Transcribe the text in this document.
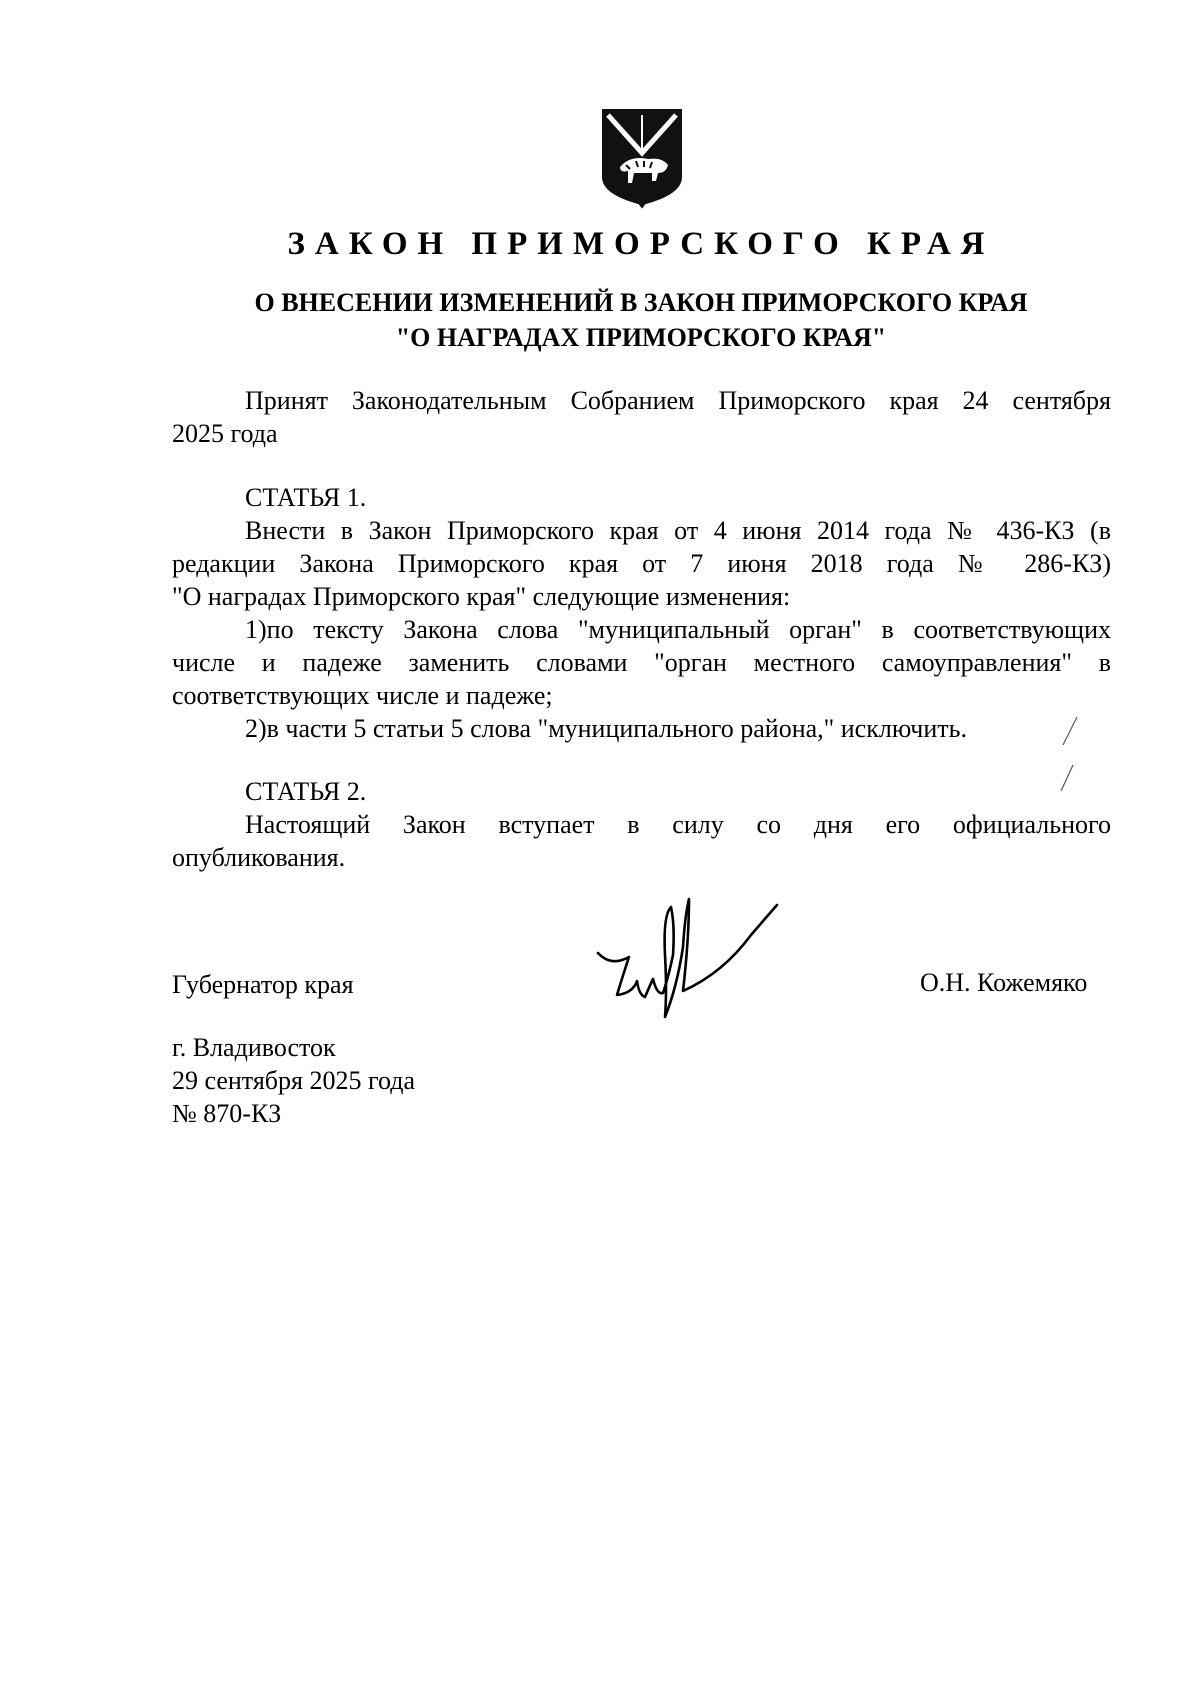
ЗАКОН ПРИМОРСКОГО КРАЯ
О ВНЕСЕНИИ ИЗМЕНЕНИЙ В ЗАКОН ПРИМОРСКОГО КРАЯ
"О НАГРАДАХ ПРИМОРСКОГО КРАЯ"
Принят Законодательным Собранием Приморского края 24 сентября
2025 года
СТАТЬЯ 1.
Внести в Закон Приморского края от 4 июня 2014 года № 436-КЗ (в
редакции Закона Приморского края от 7 июня 2018 года № 286-КЗ)
"О наградах Приморского края" следующие изменения:
1)по тексту Закона слова "муниципальный орган" в соответствующих
числе и падеже заменить словами "орган местного самоуправления" в
соответствующих числе и падеже;
2)в части 5 статьи 5 слова "муниципального района," исключить.
СТАТЬЯ 2.
Настоящий Закон вступает в силу со дня его официального
опубликования.
Губернатор края	О.Н. Кожемяко
г. Владивосток
29 сентября 2025 года
№ 870-КЗ
